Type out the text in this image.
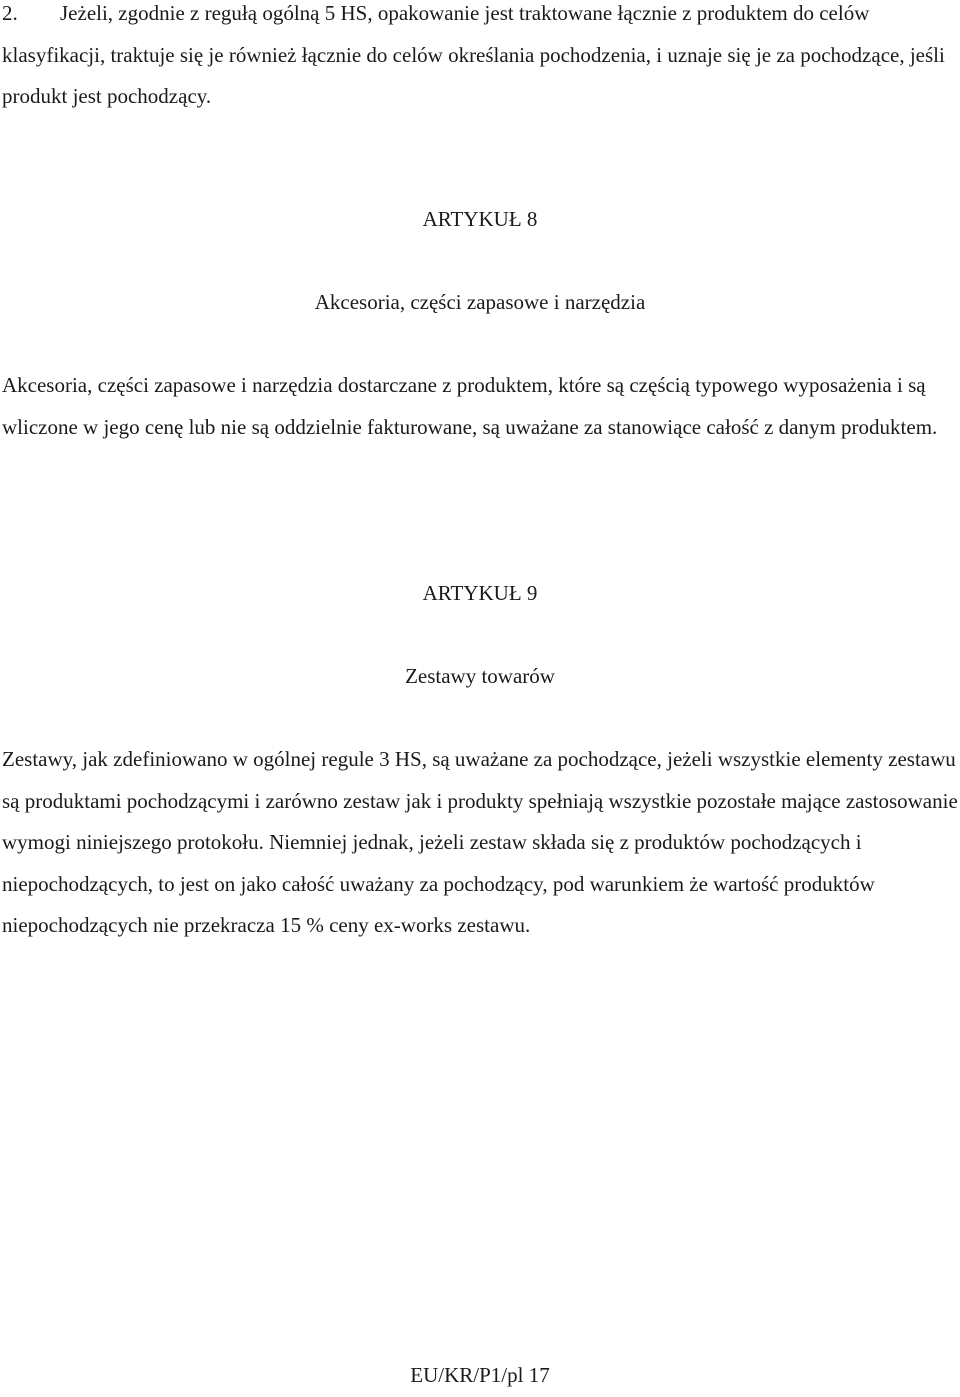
2. Jeżeli, zgodnie z regułą ogólną 5 HS, opakowanie jest traktowane łącznie z produktem do celów klasyfikacji, traktuje się je również łącznie do celów określania pochodzenia, i uznaje się je za pochodzące, jeśli produkt jest pochodzący.

ARTYKUŁ 8
Akcesoria, części zapasowe i narzędzia

Akcesoria, części zapasowe i narzędzia dostarczane z produktem, które są częścią typowego wyposażenia i są wliczone w jego cenę lub nie są oddzielnie fakturowane, są uważane za stanowiące całość z danym produktem.

ARTYKUŁ 9
Zestawy towarów

Zestawy, jak zdefiniowano w ogólnej regule 3 HS, są uważane za pochodzące, jeżeli wszystkie elementy zestawu są produktami pochodzącymi i zarówno zestaw jak i produkty spełniają wszystkie pozostałe mające zastosowanie wymogi niniejszego protokołu. Niemniej jednak, jeżeli zestaw składa się z produktów pochodzących i niepochodzących, to jest on jako całość uważany za pochodzący, pod warunkiem że wartość produktów niepochodzących nie przekracza 15 % ceny ex-works zestawu.

EU/KR/P1/pl 17
